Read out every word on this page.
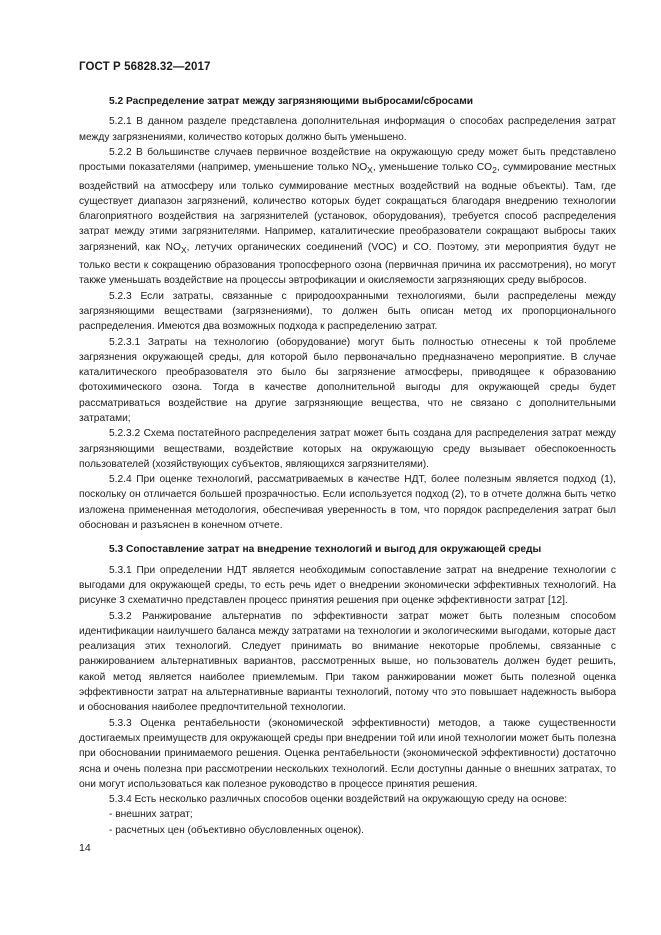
ГОСТ Р 56828.32—2017

5.2 Распределение затрат между загрязняющими выбросами/сбросами

5.2.1 В данном разделе представлена дополнительная информация о способах распределения затрат между загрязнениями, количество которых должно быть уменьшено.

5.2.2 В большинстве случаев первичное воздействие на окружающую среду может быть представлено простыми показателями (например, уменьшение только $NO_X$, уменьшение только $CO_2$, суммирование местных воздействий на атмосферу или только суммирование местных воздействий на водные объекты). Там, где существует диапазон загрязнений, количество которых будет сокращаться благодаря внедрению технологии благоприятного воздействия на загрязнителей (установок, оборудования), требуется способ распределения затрат между этими загрязнителями. Например, каталитические преобразователи сокращают выбросы таких загрязнений, как $NO_X$, летучих органических соединений (VOC) и CO. Поэтому, эти мероприятия будут не только вести к сокращению образования тропосферного озона (первичная причина их рассмотрения), но могут также уменьшать воздействие на процессы эвтрофикации и окисляемости загрязняющих среду выбросов.

5.2.3 Если затраты, связанные с природоохранными технологиями, были распределены между загрязняющими веществами (загрязнениями), то должен быть описан метод их пропорционального распределения. Имеются два возможных подхода к распределению затрат.

5.2.3.1 Затраты на технологию (оборудование) могут быть полностью отнесены к той проблеме загрязнения окружающей среды, для которой было первоначально предназначено мероприятие. В случае каталитического преобразователя это было бы загрязнение атмосферы, приводящее к образованию фотохимического озона. Тогда в качестве дополнительной выгоды для окружающей среды будет рассматриваться воздействие на другие загрязняющие вещества, что не связано с дополнительными затратами;

5.2.3.2 Схема постатейного распределения затрат может быть создана для распределения затрат между загрязняющими веществами, воздействие которых на окружающую среду вызывает обеспокоенность пользователей (хозяйствующих субъектов, являющихся загрязнителями).

5.2.4 При оценке технологий, рассматриваемых в качестве НДТ, более полезным является подход (1), поскольку он отличается большей прозрачностью. Если используется подход (2), то в отчете должна быть четко изложена примененная методология, обеспечивая уверенность в том, что порядок распределения затрат был обоснован и разъяснен в конечном отчете.

5.3 Сопоставление затрат на внедрение технологий и выгод для окружающей среды

5.3.1 При определении НДТ является необходимым сопоставление затрат на внедрение технологии с выгодами для окружающей среды, то есть речь идет о внедрении экономически эффективных технологий. На рисунке 3 схематично представлен процесс принятия решения при оценке эффективности затрат [12].

5.3.2 Ранжирование альтернатив по эффективности затрат может быть полезным способом идентификации наилучшего баланса между затратами на технологии и экологическими выгодами, которые даст реализация этих технологий. Следует принимать во внимание некоторые проблемы, связанные с ранжированием альтернативных вариантов, рассмотренных выше, но пользователь должен будет решить, какой метод является наиболее приемлемым. При таком ранжировании может быть полезной оценка эффективности затрат на альтернативные варианты технологий, потому что это повышает надежность выбора и обоснования наиболее предпочтительной технологии.

5.3.3 Оценка рентабельности (экономической эффективности) методов, а также существенности достигаемых преимуществ для окружающей среды при внедрении той или иной технологии может быть полезна при обосновании принимаемого решения. Оценка рентабельности (экономической эффективности) достаточно ясна и очень полезна при рассмотрении нескольких технологий. Если доступны данные о внешних затратах, то они могут использоваться как полезное руководство в процессе принятия решения.

5.3.4 Есть несколько различных способов оценки воздействий на окружающую среду на основе:

- внешних затрат;

- расчетных цен (объективно обусловленных оценок).

14
